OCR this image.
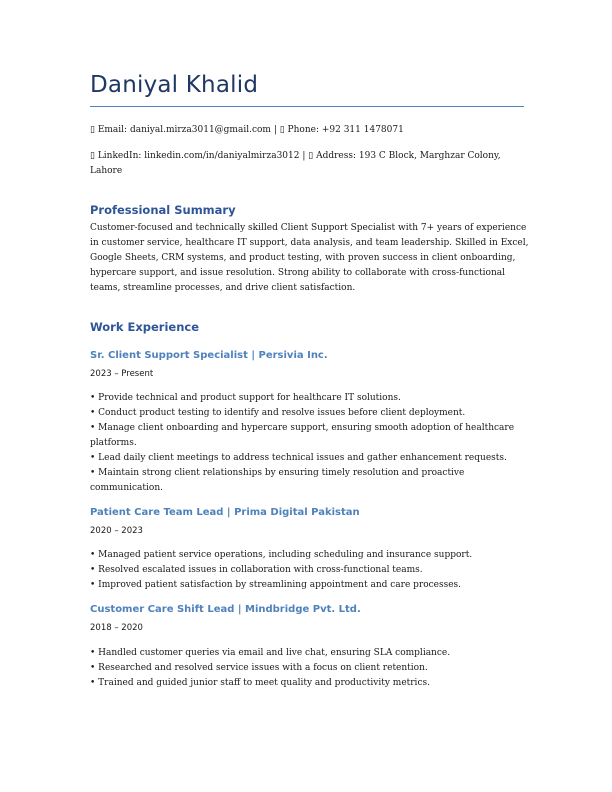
Daniyal Khalid
▯ Email: daniyal.mirza3011@gmail.com | ▯ Phone: +92 311 1478071
▯ LinkedIn: linkedin.com/in/daniyalmirza3012 | ▯ Address: 193 C Block, Marghzar Colony, Lahore
Professional Summary
Customer-focused and technically skilled Client Support Specialist with 7+ years of experience in customer service, healthcare IT support, data analysis, and team leadership. Skilled in Excel, Google Sheets, CRM systems, and product testing, with proven success in client onboarding, hypercare support, and issue resolution. Strong ability to collaborate with cross-functional teams, streamline processes, and drive client satisfaction.
Work Experience
Sr. Client Support Specialist | Persivia Inc.
2023 – Present
• Provide technical and product support for healthcare IT solutions.
• Conduct product testing to identify and resolve issues before client deployment.
• Manage client onboarding and hypercare support, ensuring smooth adoption of healthcare platforms.
• Lead daily client meetings to address technical issues and gather enhancement requests.
• Maintain strong client relationships by ensuring timely resolution and proactive communication.
Patient Care Team Lead | Prima Digital Pakistan
2020 – 2023
• Managed patient service operations, including scheduling and insurance support.
• Resolved escalated issues in collaboration with cross-functional teams.
• Improved patient satisfaction by streamlining appointment and care processes.
Customer Care Shift Lead | Mindbridge Pvt. Ltd.
2018 – 2020
• Handled customer queries via email and live chat, ensuring SLA compliance.
• Researched and resolved service issues with a focus on client retention.
• Trained and guided junior staff to meet quality and productivity metrics.
